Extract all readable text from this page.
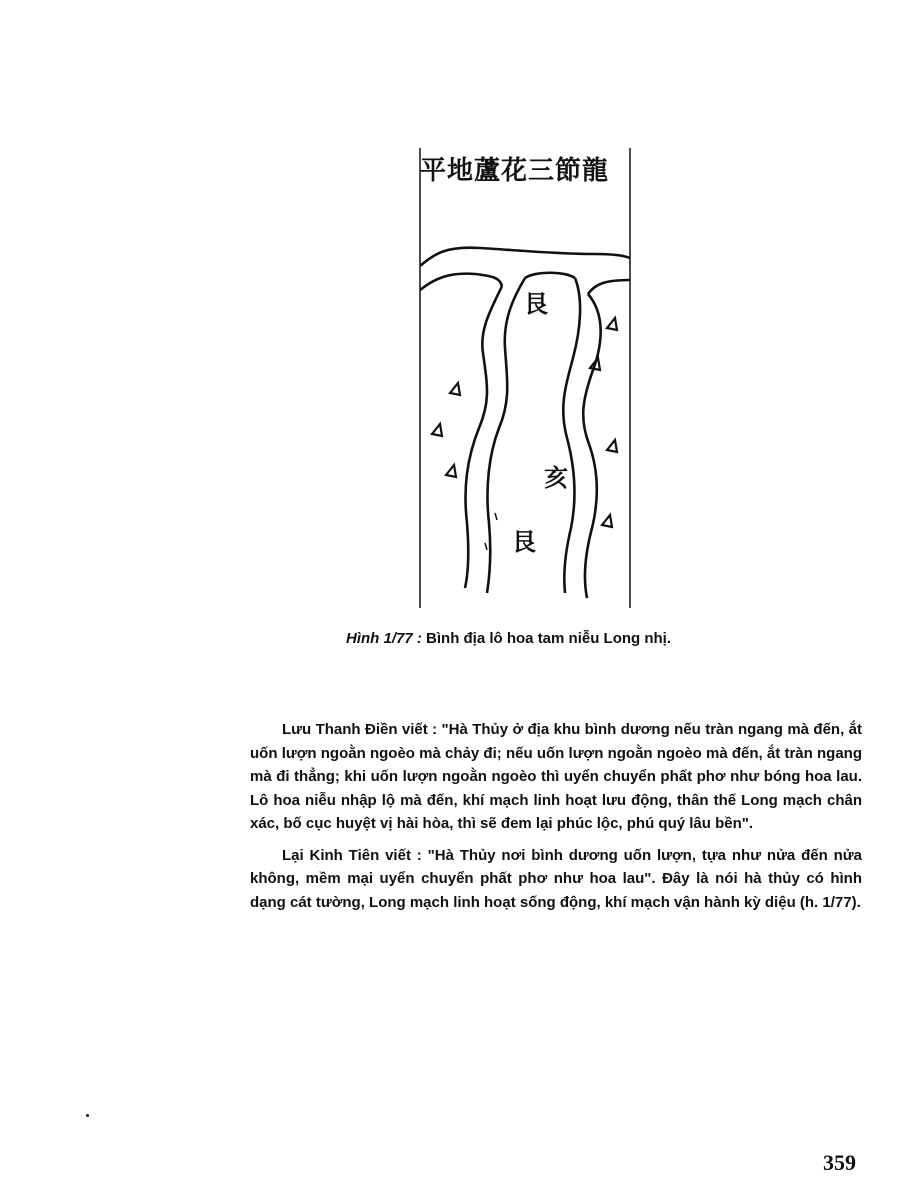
平地蘆花三節龍
艮
亥
艮
Hình 1/77 : Bình địa lô hoa tam niễu Long nhị.

Lưu Thanh Điền viết : "Hà Thủy ở địa khu bình dương nếu tràn ngang mà đến, ắt uốn lượn ngoằn ngoèo mà chảy đi; nếu uốn lượn ngoằn ngoèo mà đến, ắt tràn ngang mà đi thẳng; khi uốn lượn ngoằn ngoèo thì uyển chuyển phất phơ như bóng hoa lau. Lô hoa niễu nhập lộ mà đến, khí mạch linh hoạt lưu động, thân thế Long mạch chân xác, bố cục huyệt vị hài hòa, thì sẽ đem lại phúc lộc, phú quý lâu bền".

Lại Kinh Tiên viết : "Hà Thủy nơi bình dương uốn lượn, tựa như nửa đến nửa không, mềm mại uyển chuyển phất phơ như hoa lau". Đây là nói hà thủy có hình dạng cát tường, Long mạch linh hoạt sống động, khí mạch vận hành kỳ diệu (h. 1/77).

359
